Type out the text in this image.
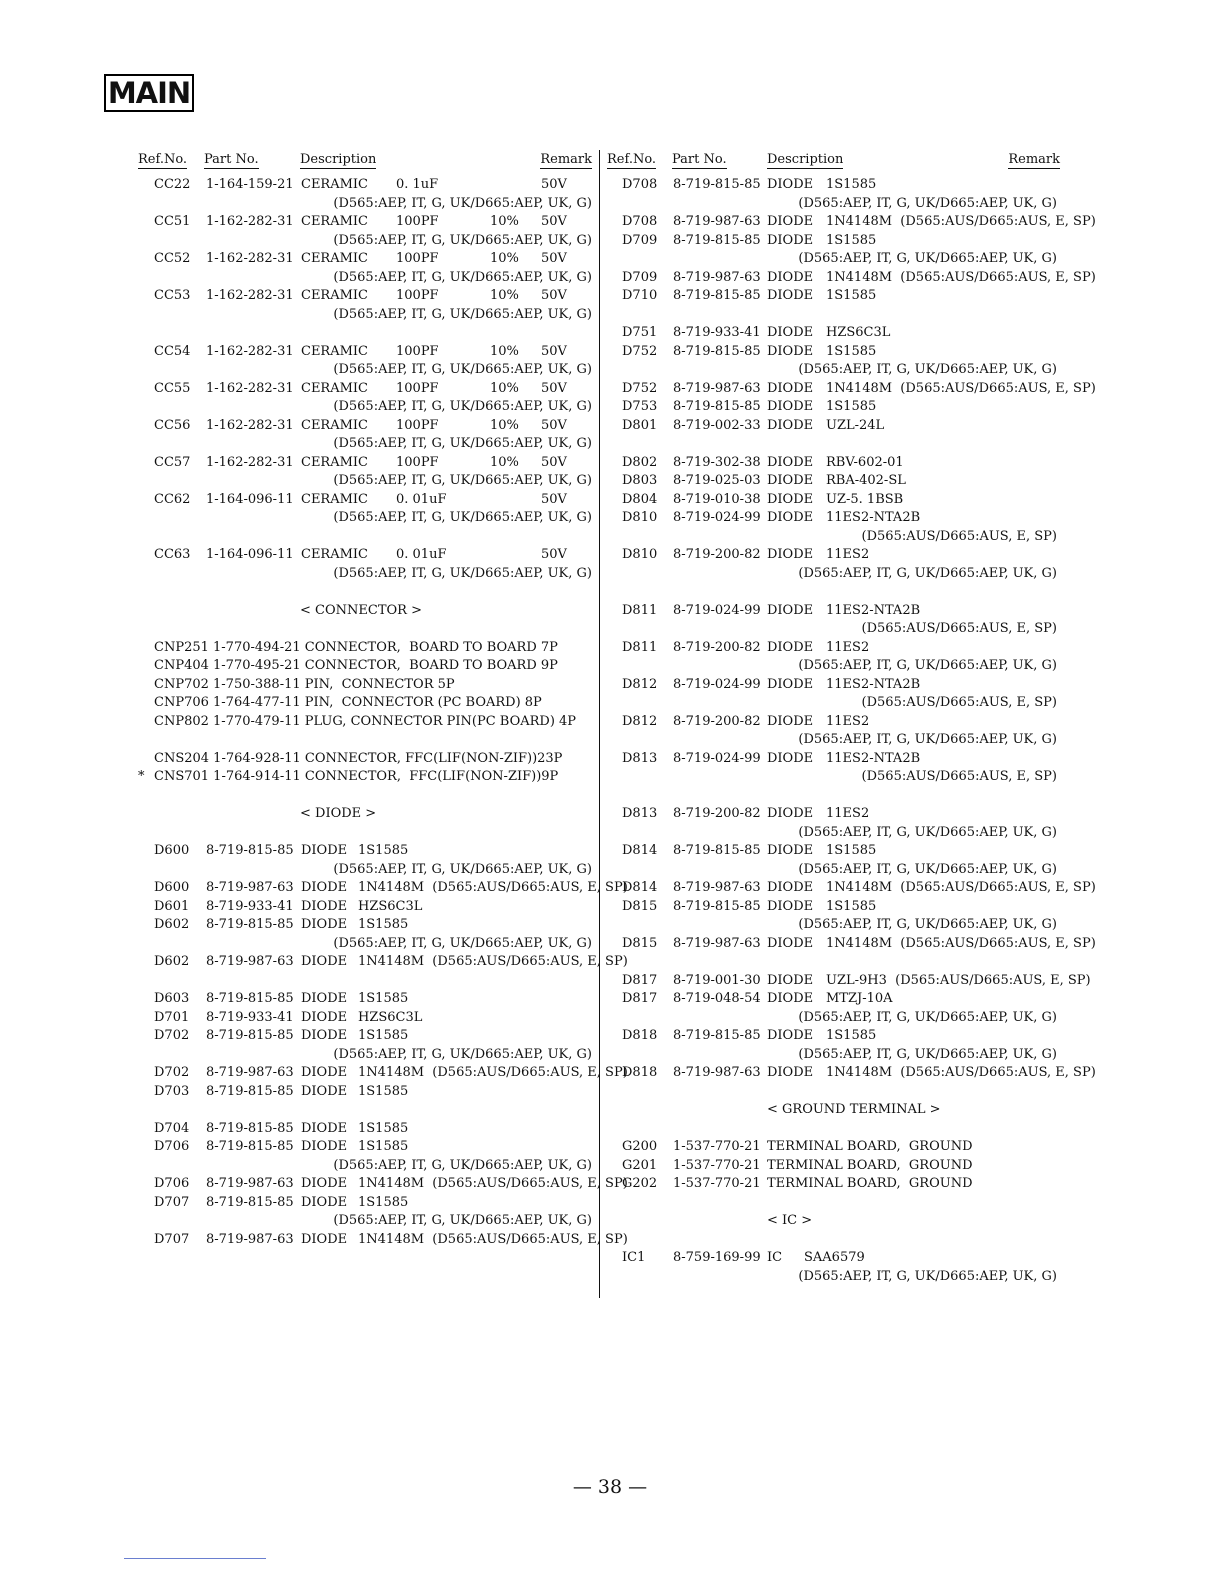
MAIN
Ref.No. Part No.	Description	Remark
CC22 1-164-159-21 CERAMIC 0. 1uF	50V
(D565:AEP, IT, G, UK/D665:AEP, UK, G)
CC51 1-162-282-31 CERAMIC 100PF	10% 50V
(D565:AEP, IT, G, UK/D665:AEP, UK, G)
CC52 1-162-282-31 CERAMIC 100PF	10% 50V
(D565:AEP, IT, G, UK/D665:AEP, UK, G)
CC53 1-162-282-31 CERAMIC 100PF	10% 50V
(D565:AEP, IT, G, UK/D665:AEP, UK, G)
CC54 1-162-282-31 CERAMIC 100PF	10% 50V
(D565:AEP, IT, G, UK/D665:AEP, UK, G)
CC55 1-162-282-31 CERAMIC 100PF	10% 50V
(D565:AEP, IT, G, UK/D665:AEP, UK, G)
CC56 1-162-282-31 CERAMIC 100PF	10% 50V
(D565:AEP, IT, G, UK/D665:AEP, UK, G)
CC57 1-162-282-31 CERAMIC 100PF	10% 50V
(D565:AEP, IT, G, UK/D665:AEP, UK, G)
CC62 1-164-096-11 CERAMIC 0. 01uF	50V
(D565:AEP, IT, G, UK/D665:AEP, UK, G)
CC63 1-164-096-11 CERAMIC 0. 01uF	50V
(D565:AEP, IT, G, UK/D665:AEP, UK, G)
< CONNECTOR >
CNP251 1-770-494-21 CONNECTOR,  BOARD TO BOARD 7P
CNP404 1-770-495-21 CONNECTOR,  BOARD TO BOARD 9P
CNP702 1-750-388-11 PIN,  CONNECTOR 5P
CNP706 1-764-477-11 PIN,  CONNECTOR (PC BOARD) 8P
CNP802 1-770-479-11 PLUG, CONNECTOR PIN(PC BOARD) 4P
CNS204 1-764-928-11 CONNECTOR, FFC(LIF(NON-ZIF))23P
* CNS701 1-764-914-11 CONNECTOR,  FFC(LIF(NON-ZIF))9P
< DIODE >
D600 8-719-815-85 DIODE 1S1585
(D565:AEP, IT, G, UK/D665:AEP, UK, G)
D600 8-719-987-63 DIODE 1N4148M  (D565:AUS/D665:AUS, E, SP)
D601 8-719-933-41 DIODE HZS6C3L
D602 8-719-815-85 DIODE 1S1585
(D565:AEP, IT, G, UK/D665:AEP, UK, G)
D602 8-719-987-63 DIODE 1N4148M  (D565:AUS/D665:AUS, E, SP)
D603 8-719-815-85 DIODE 1S1585
D701 8-719-933-41 DIODE HZS6C3L
D702 8-719-815-85 DIODE 1S1585
(D565:AEP, IT, G, UK/D665:AEP, UK, G)
D702 8-719-987-63 DIODE 1N4148M  (D565:AUS/D665:AUS, E, SP)
D703 8-719-815-85 DIODE 1S1585
D704 8-719-815-85 DIODE 1S1585
D706 8-719-815-85 DIODE 1S1585
(D565:AEP, IT, G, UK/D665:AEP, UK, G)
D706 8-719-987-63 DIODE 1N4148M  (D565:AUS/D665:AUS, E, SP)
D707 8-719-815-85 DIODE 1S1585
(D565:AEP, IT, G, UK/D665:AEP, UK, G)
D707 8-719-987-63 DIODE 1N4148M  (D565:AUS/D665:AUS, E, SP)
Ref.No. Part No.	Description	Remark
D708 8-719-815-85 DIODE 1S1585
(D565:AEP, IT, G, UK/D665:AEP, UK, G)
D708 8-719-987-63 DIODE 1N4148M  (D565:AUS/D665:AUS, E, SP)
D709 8-719-815-85 DIODE 1S1585
(D565:AEP, IT, G, UK/D665:AEP, UK, G)
D709 8-719-987-63 DIODE 1N4148M  (D565:AUS/D665:AUS, E, SP)
D710 8-719-815-85 DIODE 1S1585
D751 8-719-933-41 DIODE HZS6C3L
D752 8-719-815-85 DIODE 1S1585
(D565:AEP, IT, G, UK/D665:AEP, UK, G)
D752 8-719-987-63 DIODE 1N4148M  (D565:AUS/D665:AUS, E, SP)
D753 8-719-815-85 DIODE 1S1585
D801 8-719-002-33 DIODE UZL-24L
D802 8-719-302-38 DIODE RBV-602-01
D803 8-719-025-03 DIODE RBA-402-SL
D804 8-719-010-38 DIODE UZ-5. 1BSB
D810 8-719-024-99 DIODE 11ES2-NTA2B
(D565:AUS/D665:AUS, E, SP)
D810 8-719-200-82 DIODE 11ES2
(D565:AEP, IT, G, UK/D665:AEP, UK, G)
D811 8-719-024-99 DIODE 11ES2-NTA2B
(D565:AUS/D665:AUS, E, SP)
D811 8-719-200-82 DIODE 11ES2
(D565:AEP, IT, G, UK/D665:AEP, UK, G)
D812 8-719-024-99 DIODE 11ES2-NTA2B
(D565:AUS/D665:AUS, E, SP)
D812 8-719-200-82 DIODE 11ES2
(D565:AEP, IT, G, UK/D665:AEP, UK, G)
D813 8-719-024-99 DIODE 11ES2-NTA2B
(D565:AUS/D665:AUS, E, SP)
D813 8-719-200-82 DIODE 11ES2
(D565:AEP, IT, G, UK/D665:AEP, UK, G)
D814 8-719-815-85 DIODE 1S1585
(D565:AEP, IT, G, UK/D665:AEP, UK, G)
D814 8-719-987-63 DIODE 1N4148M  (D565:AUS/D665:AUS, E, SP)
D815 8-719-815-85 DIODE 1S1585
(D565:AEP, IT, G, UK/D665:AEP, UK, G)
D815 8-719-987-63 DIODE 1N4148M  (D565:AUS/D665:AUS, E, SP)
D817 8-719-001-30 DIODE UZL-9H3  (D565:AUS/D665:AUS, E, SP)
D817 8-719-048-54 DIODE MTZJ-10A
(D565:AEP, IT, G, UK/D665:AEP, UK, G)
D818 8-719-815-85 DIODE 1S1585
(D565:AEP, IT, G, UK/D665:AEP, UK, G)
D818 8-719-987-63 DIODE 1N4148M  (D565:AUS/D665:AUS, E, SP)
< GROUND TERMINAL >
G200 1-537-770-21 TERMINAL BOARD,  GROUND
G201 1-537-770-21 TERMINAL BOARD,  GROUND
G202 1-537-770-21 TERMINAL BOARD,  GROUND
< IC >
IC1 8-759-169-99 IC SAA6579
(D565:AEP, IT, G, UK/D665:AEP, UK, G)
— 38 —
